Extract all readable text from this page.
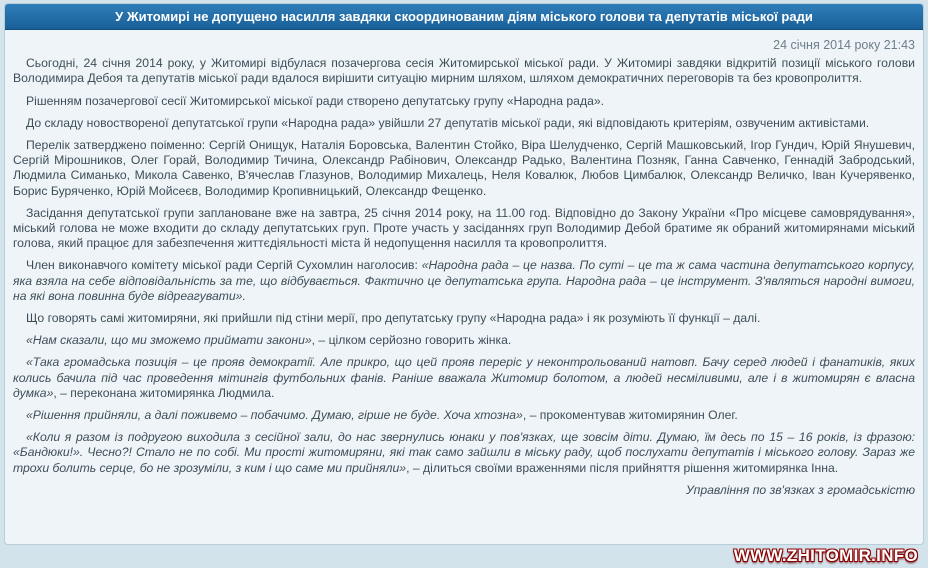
У Житомирі не допущено насилля завдяки скоординованим діям міського голови та депутатів міської ради
24 січня 2014 року 21:43

Сьогодні, 24 січня 2014 року, у Житомирі відбулася позачергова сесія Житомирської міської ради. У Житомирі завдяки відкритій позиції міського голови Володимира Дебоя та депутатів міської ради вдалося вирішити ситуацію мирним шляхом, шляхом демократичних переговорів та без кровопролиття.

Рішенням позачергової сесії Житомирської міської ради створено депутатську групу «Народна рада».

До складу новоствореної депутатської групи «Народна рада» увійшли 27 депутатів міської ради, які відповідають критеріям, озвученим активістами.

Перелік затверджено поіменно: Сергій Онищук, Наталія Боровська, Валентин Стойко, Віра Шелудченко, Сергій Машковський, Ігор Гундич, Юрій Янушевич, Сергій Мірошников, Олег Горай, Володимир Тичина, Олександр Рабінович, Олександр Радько, Валентина Позняк, Ганна Савченко, Геннадій Забродський, Людмила Симанько, Микола Савенко, В'ячеслав Глазунов, Володимир Михалець, Неля Ковалюк, Любов Цимбалюк, Олександр Величко, Іван Кучерявенко, Борис Буряченко, Юрій Мойсеєв, Володимир Кропивницький, Олександр Фещенко.

Засідання депутатської групи заплановане вже на завтра, 25 січня 2014 року, на 11.00 год. Відповідно до Закону України «Про місцеве самоврядування», міський голова не може входити до складу депутатських груп. Проте участь у засіданнях груп Володимир Дебой братиме як обраний житомирянами міський голова, який працює для забезпечення життєдіяльності міста й недопущення насилля та кровопролиття.

Член виконавчого комітету міської ради Сергій Сухомлин наголосив: «Народна рада – це назва. По суті – це та ж сама частина депутатського корпусу, яка взяла на себе відповідальність за те, що відбувається. Фактично це депутатська група. Народна рада – це інструмент. З'являться народні вимоги, на які вона повинна буде відреагувати».

Що говорять самі житомиряни, які прийшли під стіни мерії, про депутатську групу «Народна рада» і як розуміють її функції – далі.

«Нам сказали, що ми зможемо приймати закони», – цілком серйозно говорить жінка.

«Така громадська позиція – це прояв демократії. Але прикро, що цей прояв переріс у неконтрольований натовп. Бачу серед людей і фанатиків, яких колись бачила під час проведення мітингів футбольних фанів. Раніше вважала Житомир болотом, а людей несміливими, але і в житомирян є власна думка», – переконана житомирянка Людмила.

«Рішення прийняли, а далі поживемо – побачимо. Думаю, гірше не буде. Хоча хтозна», – прокоментував житомирянин Олег.

«Коли я разом із подругою виходила з сесійної зали, до нас звернулись юнаки у пов'язках, ще зовсім діти. Думаю, їм десь по 15 – 16 років, із фразою: «Бандюки!». Чесно?! Стало не по собі. Ми прості житомиряни, які так само зайшли в міську раду, щоб послухати депутатів і міського голову. Зараз же трохи болить серце, бо не зрозуміли, з ким і що саме ми прийняли», – ділиться своїми враженнями після прийняття рішення житомирянка Інна.

Управління по зв'язках з громадськістю
WWW.ZHITOMIR.INFO
